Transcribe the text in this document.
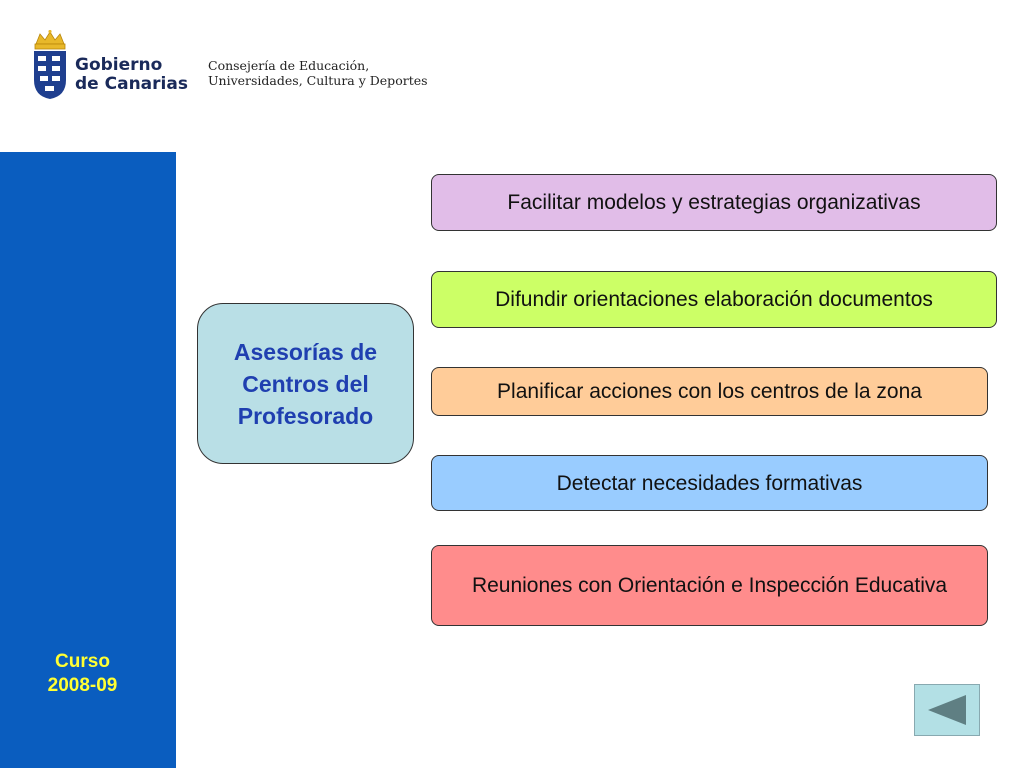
Gobierno
de Canarias
Consejería de Educación,
Universidades, Cultura y Deportes
Curso
2008-09
Asesorías de Centros del Profesorado
Facilitar modelos y estrategias organizativas
Difundir orientaciones elaboración documentos
Planificar acciones con los centros de la zona
Detectar necesidades formativas
Reuniones con Orientación e Inspección Educativa
